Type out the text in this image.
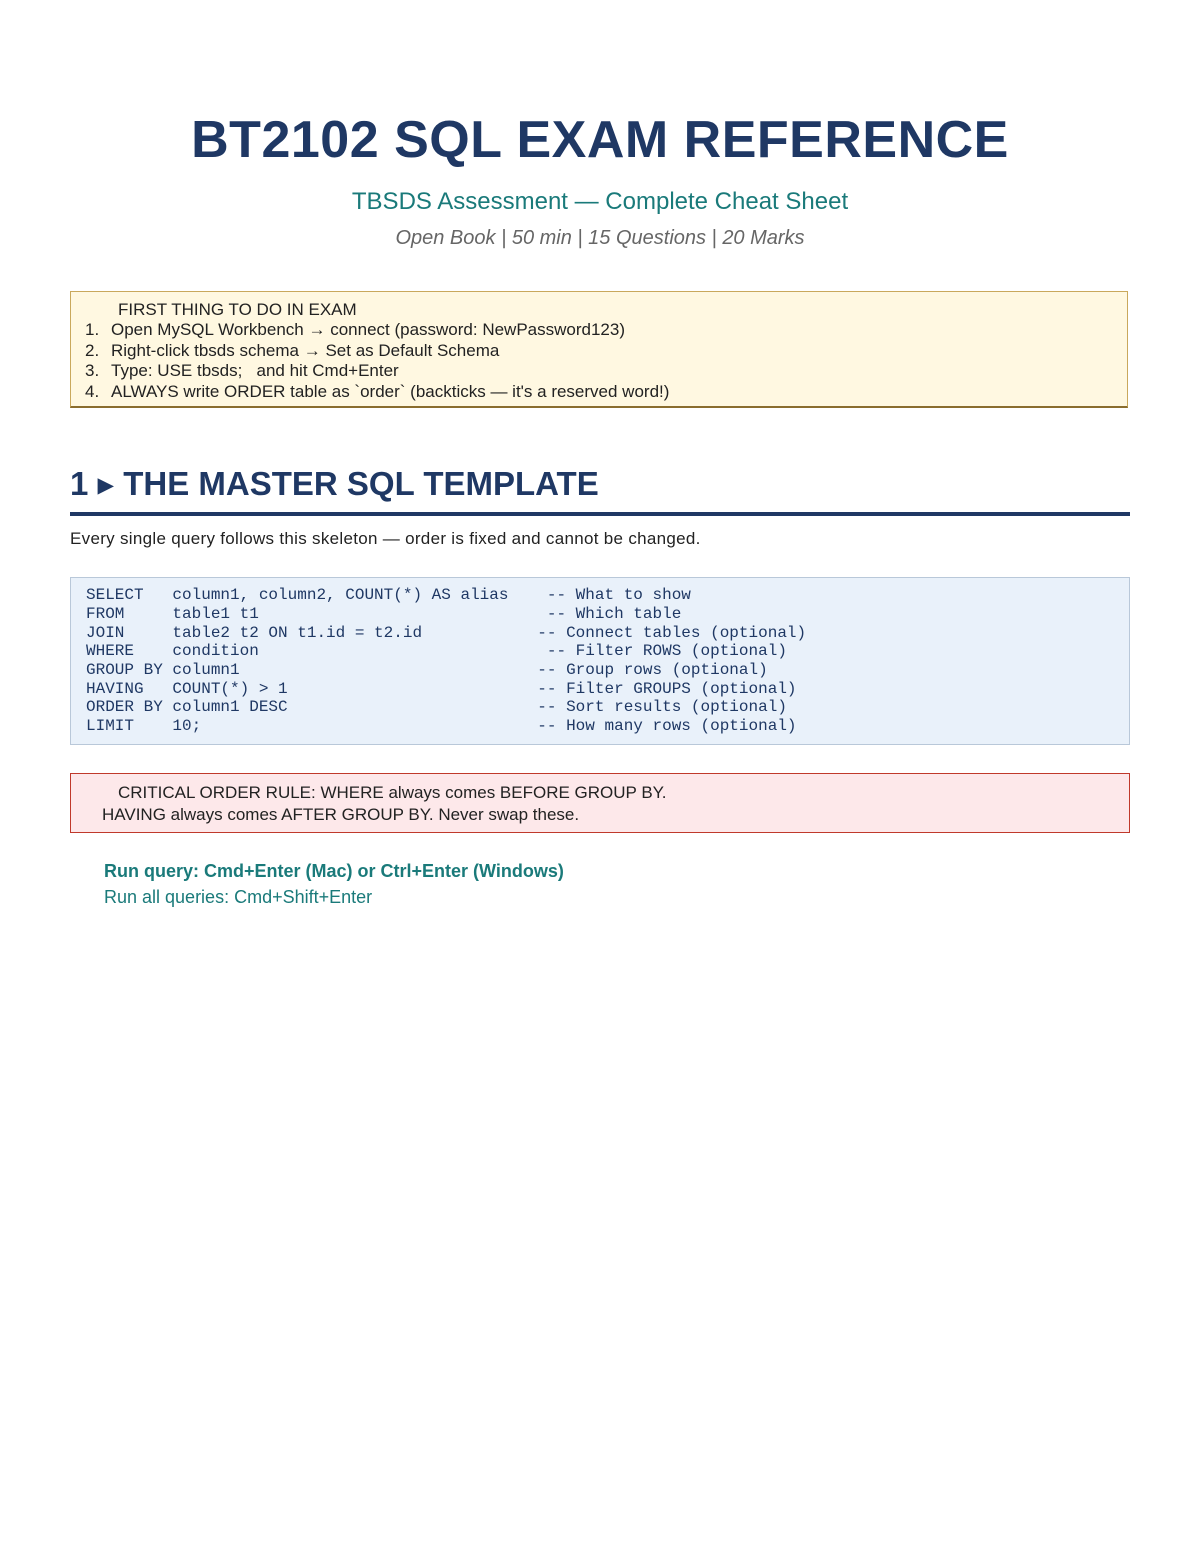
BT2102 SQL EXAM REFERENCE
TBSDS Assessment — Complete Cheat Sheet
Open Book | 50 min | 15 Questions | 20 Marks
FIRST THING TO DO IN EXAM
1. Open MySQL Workbench → connect (password: NewPassword123)
2. Right-click tbsds schema → Set as Default Schema
3. Type: USE tbsds;   and hit Cmd+Enter
4. ALWAYS write ORDER table as `order` (backticks — it's a reserved word!)
1 ▸ THE MASTER SQL TEMPLATE
Every single query follows this skeleton — order is fixed and cannot be changed.
SELECT   column1, column2, COUNT(*) AS alias    -- What to show
FROM     table1 t1                              -- Which table
JOIN     table2 t2 ON t1.id = t2.id            -- Connect tables (optional)
WHERE    condition                              -- Filter ROWS (optional)
GROUP BY column1                               -- Group rows (optional)
HAVING   COUNT(*) > 1                          -- Filter GROUPS (optional)
ORDER BY column1 DESC                          -- Sort results (optional)
LIMIT    10;                                   -- How many rows (optional)
CRITICAL ORDER RULE: WHERE always comes BEFORE GROUP BY.
HAVING always comes AFTER GROUP BY. Never swap these.
Run query: Cmd+Enter (Mac) or Ctrl+Enter (Windows)
Run all queries: Cmd+Shift+Enter
